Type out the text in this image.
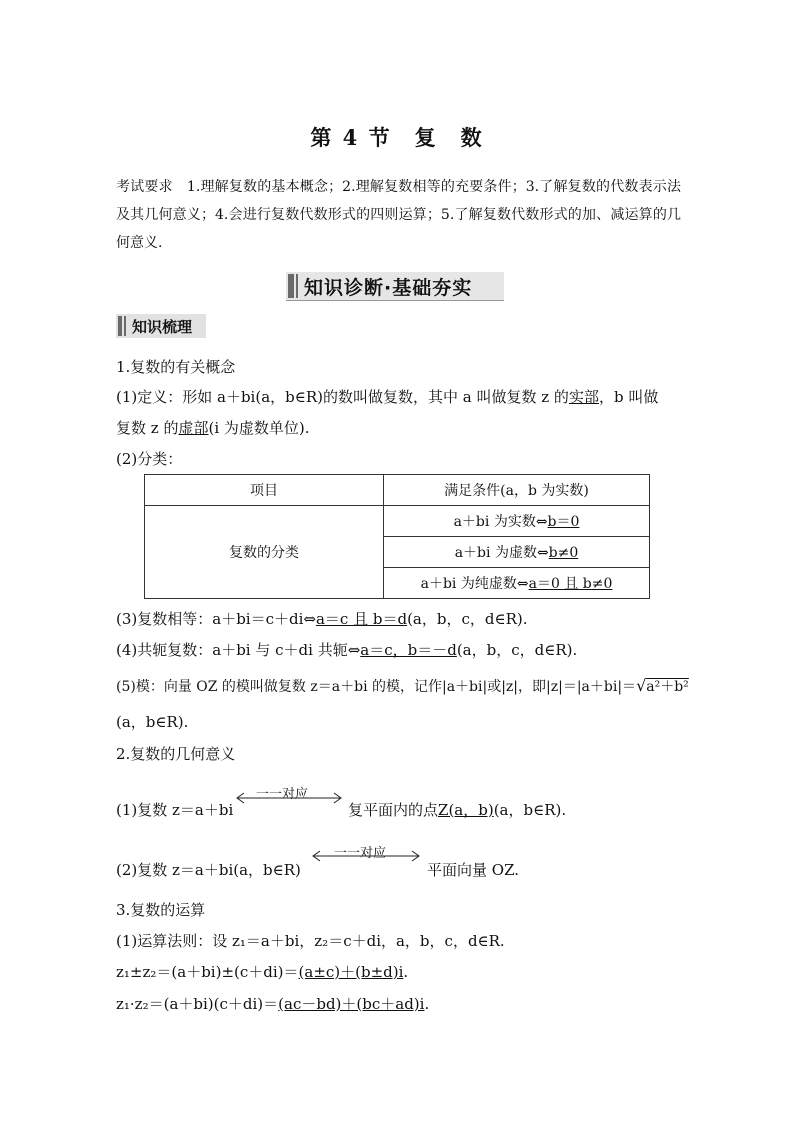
第 4 节　复　数
考试要求　1.理解复数的基本概念；2.理解复数相等的充要条件；3.了解复数的代数表示法及其几何意义；4.会进行复数代数形式的四则运算；5.了解复数代数形式的加、减运算的几何意义.
知识诊断·基础夯实
知识梳理
1.复数的有关概念
(1)定义：形如 a＋bi(a，b∈R)的数叫做复数，其中 a 叫做复数 z 的实部，b 叫做
复数 z 的虚部(i 为虚数单位).
(2)分类：
项目	满足条件(a，b 为实数)
复数的分类	a＋bi 为实数⇔b＝0
	a＋bi 为虚数⇔b≠0
	a＋bi 为纯虚数⇔a＝0 且 b≠0
(3)复数相等：a＋bi＝c＋di⇔a＝c 且 b＝d(a，b，c，d∈R).
(4)共轭复数：a＋bi 与 c＋di 共轭⇔a＝c，b＝－d(a，b，c，d∈R).
(5)模：向量 OZ 的模叫做复数 z＝a＋bi 的模，记作|a＋bi|或|z|，即|z|＝|a＋bi|＝√a²＋b²
(a，b∈R).
2.复数的几何意义
(1)复数 z＝a＋bi
一一对应
复平面内的点Z(a，b)(a，b∈R).
(2)复数 z＝a＋bi(a，b∈R)
一一对应
平面向量 OZ.
3.复数的运算
(1)运算法则：设 z₁＝a＋bi，z₂＝c＋di，a，b，c，d∈R.
z₁±z₂＝(a＋bi)±(c＋di)＝(a±c)＋(b±d)i.
z₁·z₂＝(a＋bi)(c＋di)＝(ac－bd)＋(bc＋ad)i.
